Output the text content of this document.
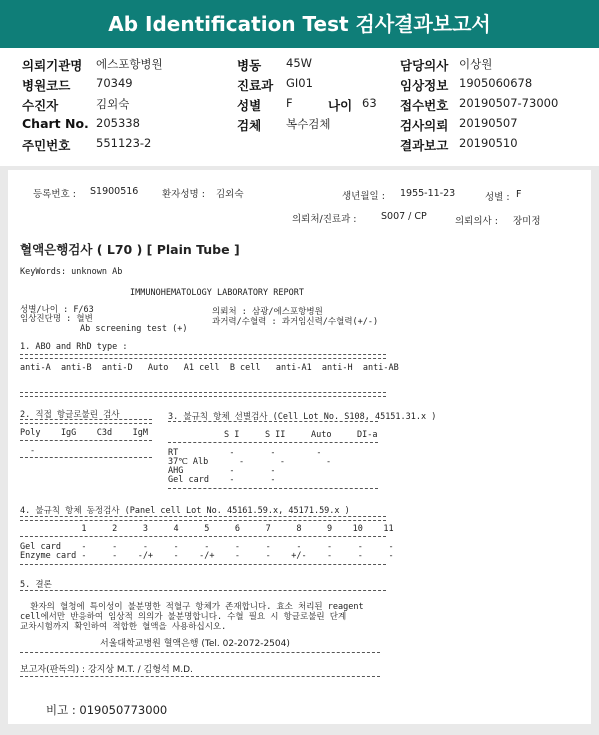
Ab Identification Test 검사결과보고서
의뢰기관명 에스포항병원	병동 45W	담당의사 이상원
병원코드 70349	진료과 GI01	임상정보 1905060678
수진자	김외숙	성별 F	나이 63 접수번호 20190507-73000
Chart No. 205338	검체 복수검체	검사의뢰 20190507
주민번호 551123-2	결과보고 20190510
등록번호 : S1900516 환자성명 : 김외숙	생년월일 : 1955-11-23	성별 : F
의뢰처/진료과 :	S007 / CP	의뢰의사 : 장미정
혈액은행검사 ( L70 ) [ Plain Tube ]
KeyWords: unknown Ab
IMMUNOHEMATOLOGY LABORATORY REPORT
성별/나이 : F/63
임상진단명 : 혈변
의뢰처 : 삼광/에스포항병원
과거력/수혈력 : 과거임신력/수혈력(+/-)
Ab screening test (+)
1. ABO and RhD type :
anti-A  anti-B  anti-D   Auto   A1 cell  B cell   anti-A1  anti-H  anti-AB
2. 직접 항글로불린 검사
Poly    IgG    C3d    IgM
-
3. 불규칙 항체 선별검사 (Cell Lot No. S108, 45151.31.x )
S I     S II     Auto     DI-a
RT          -       -        -
37℃ Alb      -       -        -
AHG         -       -
Gel card    -       -
4. 불규칙 항체 동정검사 (Panel cell Lot No. 45161.59.x, 45171.59.x )
1     2     3     4     5     6     7     8     9    10    11
Gel card    -     -     -     -     -     -     -     -     -     -     -
Enzyme card -     -    -/+    -    -/+    -     -    +/-    -     -     -
5. 결론
환자의 혈청에 특이성이 불분명한 적혈구 항체가 존재합니다. 효소 처리된 reagent
cell에서만 반응하여 임상적 의의가 불분명합니다. 수혈 필요 시 항글로불린 단계
교차시험까지 확인하여 적합한 혈액을 사용하십시오.
서울대학교병원 혈액은행 (Tel. 02-2072-2504)
보고자(판독의) : 강지상 M.T. / 김형석 M.D.
비고 : 019050773000
